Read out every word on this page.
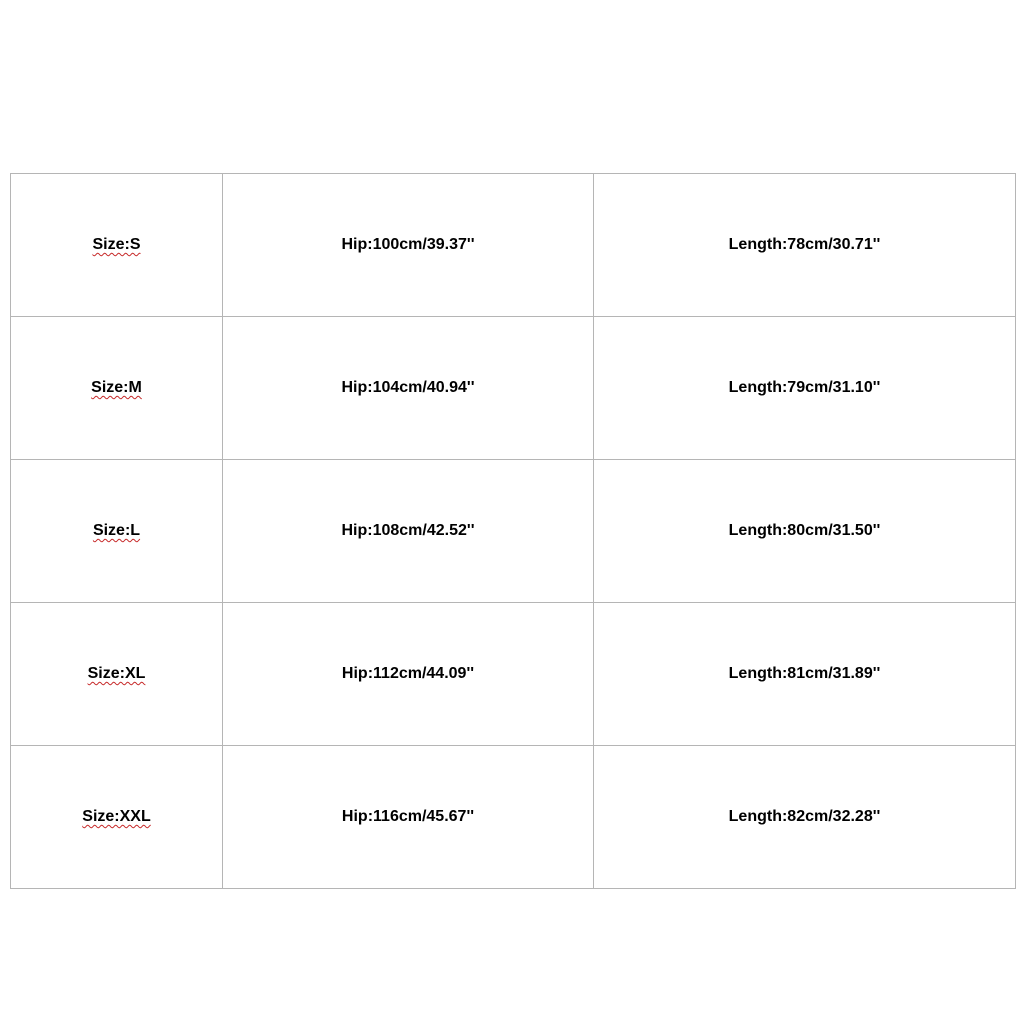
Size:S	Hip:100cm/39.37''	Length:78cm/30.71''
Size:M	Hip:104cm/40.94''	Length:79cm/31.10''
Size:L	Hip:108cm/42.52''	Length:80cm/31.50''
Size:XL	Hip:112cm/44.09''	Length:81cm/31.89''
Size:XXL	Hip:116cm/45.67''	Length:82cm/32.28''
